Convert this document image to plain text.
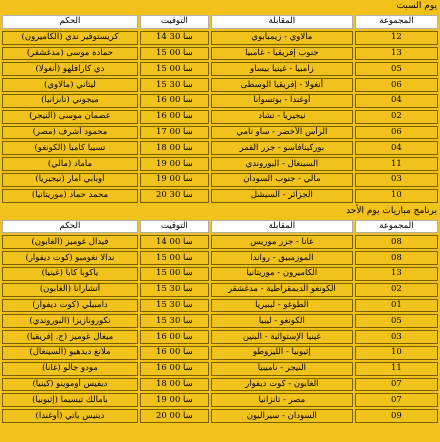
يوم السبت
المجموعة	المقابلة	التوقيت	الحكم
12	مالاوي - زيمبابوي	14 سا 30	كريستوفير ندي (الكاميرون)
13	جنوب إفريقيا - غامبيا	15 سا 00	حمادة موسى (مدغشقر)
05	زامبيا - غينيا بيساو	15 سا 00	دي كارافلهو (أنغولا)
06	أنغولا - إفريقيا الوسطى	15 سا 30	ليتاني (مالاوي)
04	أوغندا - بوتسوانا	16 سا 00	ميجوني (تانزانيا)
02	نيجيريا - تشاد	16 سا 00	عصمان موسى (النيجر)
06	الرأس الأخضر - ساو تامي	17 سا 00	محمود أشرف (مصر)
04	بوركينافاسو - جزر القمر	18 سا 00	تسيبا كاميا (الكونغو)
11	السينغال - البوروندي	19 سا 00	ماماد (مالي)
03	مالي - جنوب السودان	19 سا 00	أوبابي أمار (نيجيريا)
10	الجزائر - السيشل	20 سا 30	محمد حماد (موريتانيا)
برنامج مباريات يوم الأحد
المجموعة	المقابلة	التوقيت	الحكم
08	غانا - جزر موريس	14 سا 00	فيدال غوميز (الغابون)
08	الموزمبيق - رواندا	15 سا 00	ندالا نغومبو (كوت ديفوار)
13	الكاميرون - موريتانيا	15 سا 00	ياكوبا كابا (غينيا)
02	الكونغو الديمقراطية - مدغشقر	15 سا 30	أتشارانا (الغابون)
01	الطوغو - ليبيريا	15 سا 30	دامبيلي (كوت ديفوار)
05	الكونغو - ليبيا	15 سا 30	نكورونازيزا (البوروندي)
03	غينيا الإستوائية - البنين	16 سا 00	ميغال غوميز (ج. إفريقيا)
10	إثيوبيا - الليزوطو	16 سا 00	ملانغ ديدهيو (السينغال)
11	النيجر - ناميبيا	16 سا 00	مودو جالو (غانا)
07	الغابون - كوت ديفوار	18 سا 00	ديفيس أوموينو (كينيا)
07	مصر - تانزانيا	19 سا 00	بامالك تيسيما (إثيوبيا)
09	السودان - سيراليون	20 سا 00	دينيس باتي (أوغندا)
